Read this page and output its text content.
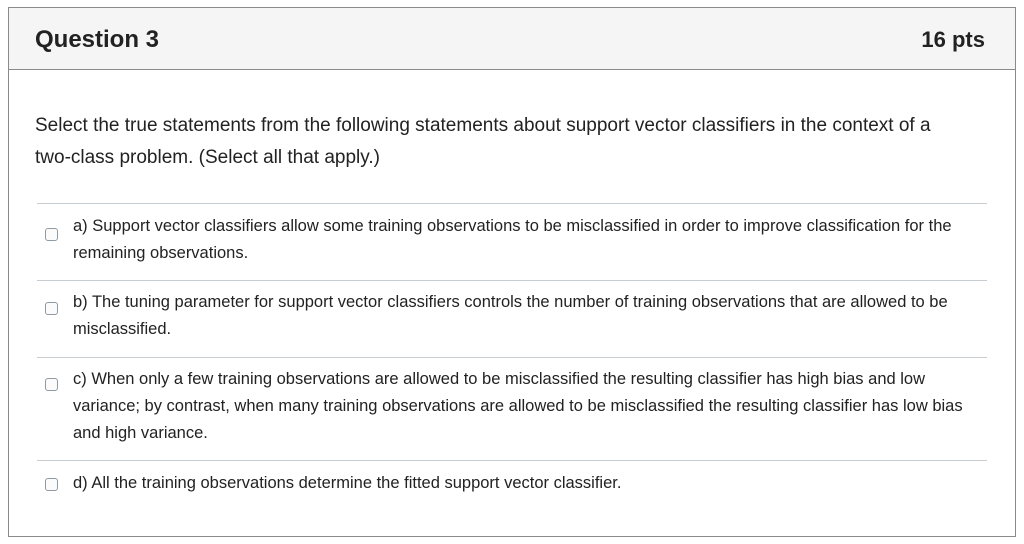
Question 3	16 pts
Select the true statements from the following statements about support vector classifiers in the context of a two-class problem. (Select all that apply.)
a) Support vector classifiers allow some training observations to be misclassified in order to improve classification for the remaining observations.
b) The tuning parameter for support vector classifiers controls the number of training observations that are allowed to be misclassified.
c) When only a few training observations are allowed to be misclassified the resulting classifier has high bias and low variance; by contrast, when many training observations are allowed to be misclassified the resulting classifier has low bias and high variance.
d) All the training observations determine the fitted support vector classifier.
